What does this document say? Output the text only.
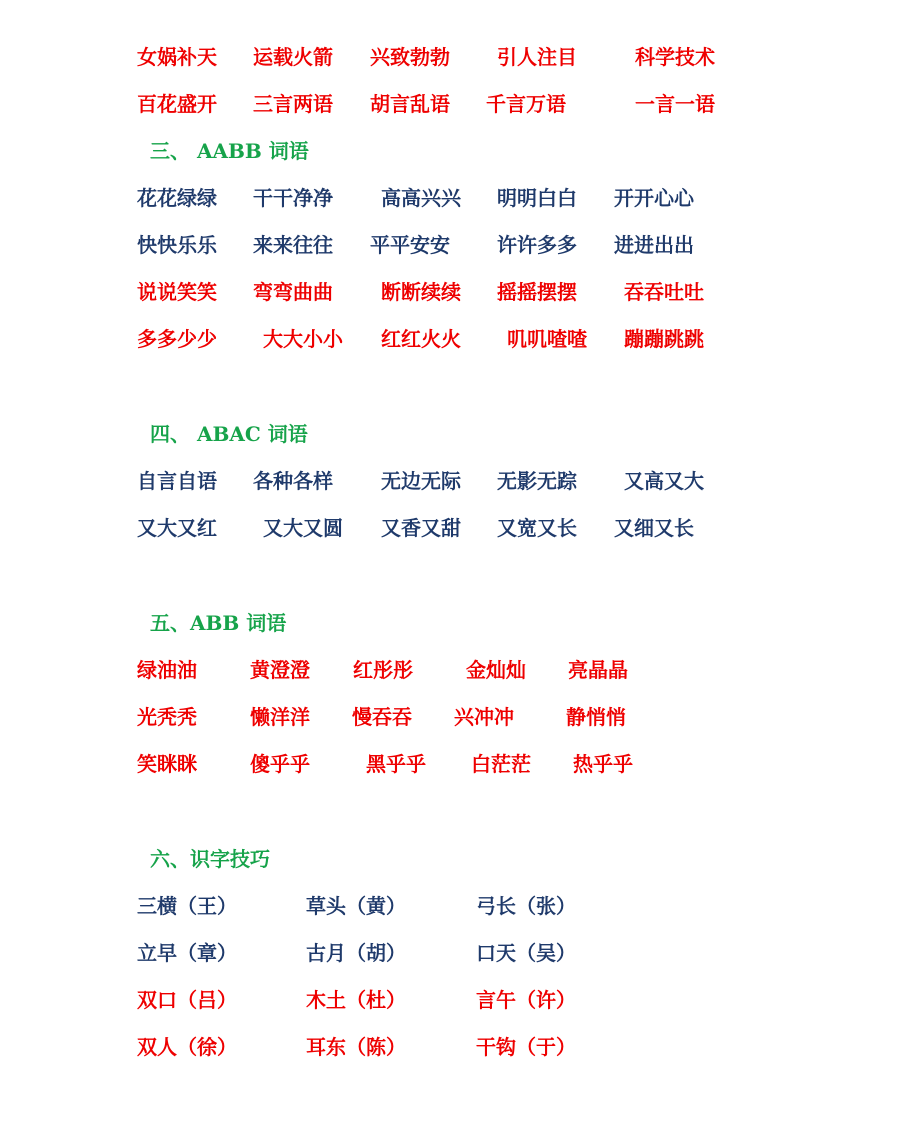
女娲补天 运载火箭 兴致勃勃 引人注目	科学技术
百花盛开 三言两语 胡言乱语 千言万语	一言一语
三、 AABB 词语
花花绿绿 干干净净 高高兴兴 明明白白 开开心心
快快乐乐 来来往往 平平安安 许许多多 进进出出
说说笑笑 弯弯曲曲 断断续续 摇摇摆摆 吞吞吐吐
多多少少 大大小小 红红火火 叽叽喳喳 蹦蹦跳跳
四、 ABAC 词语
自言自语 各种各样 无边无际 无影无踪 又高又大
又大又红 又大又圆 又香又甜 又宽又长 又细又长
五、ABB 词语
绿油油	黄澄澄 红彤彤	金灿灿 亮晶晶
光秃秃	懒洋洋 慢吞吞 兴冲冲	静悄悄
笑眯眯	傻乎乎	黑乎乎 白茫茫 热乎乎
六、识字技巧
三横（王）	草头（黄）	弓长（张）
立早（章）	古月（胡）	口天（吴）
双口（吕）	木土（杜）	言午（许）
双人（徐）	耳东（陈）	干钩（于）
